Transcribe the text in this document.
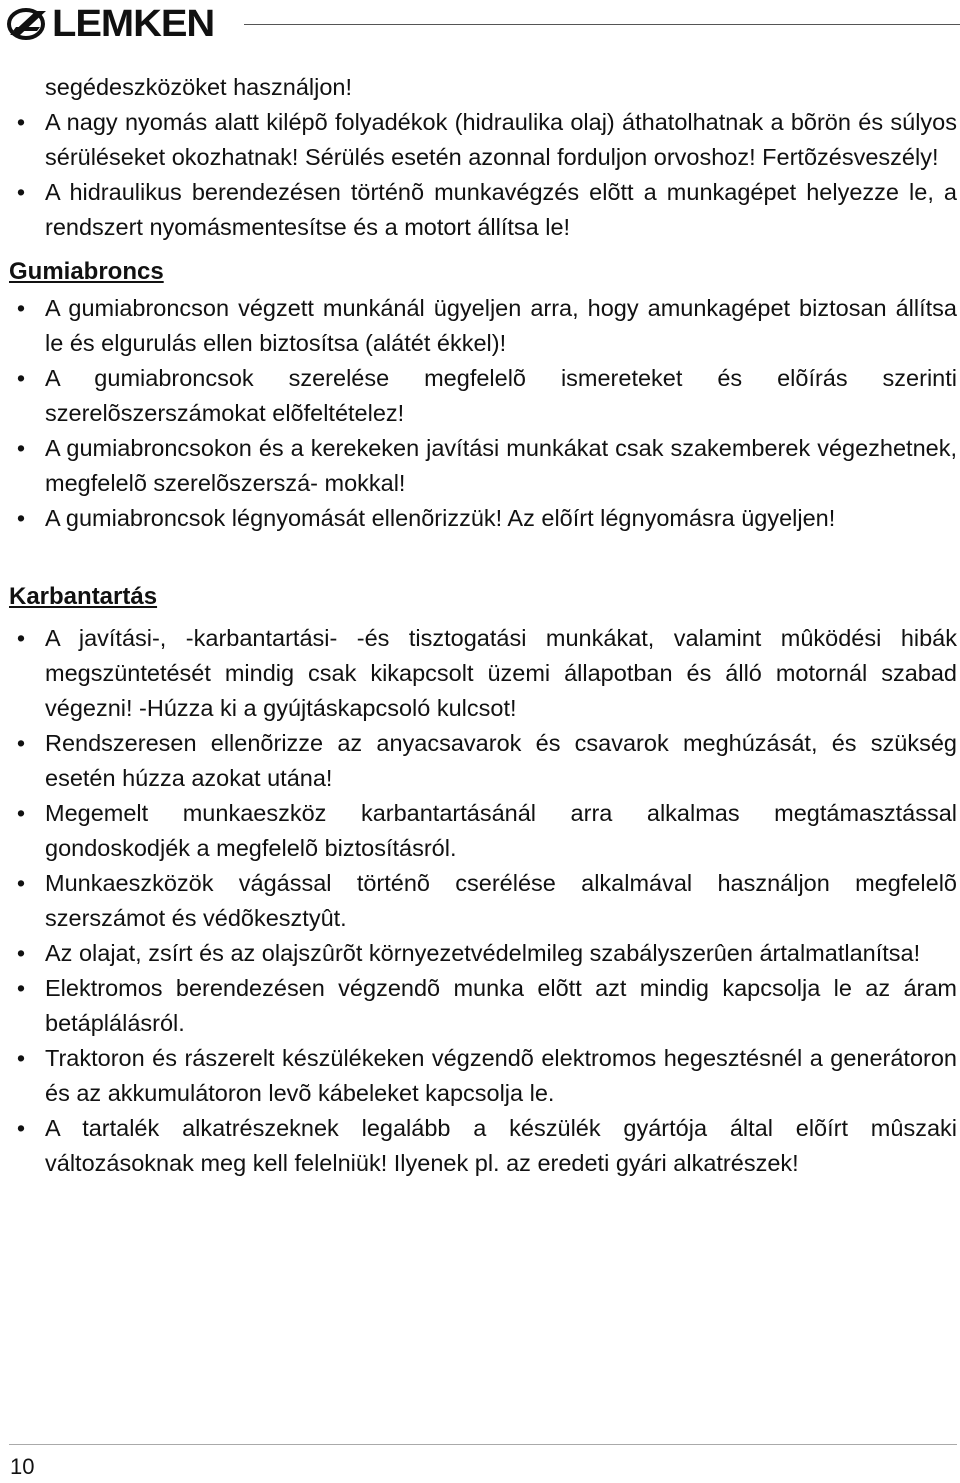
LEMKEN

segédeszközöket használjon!

• A nagy nyomás alatt kilépõ folyadékok (hidraulika olaj) áthatolhatnak a bõrön és súlyos sérüléseket okozhatnak! Sérülés esetén azonnal forduljon orvoshoz! Fertõzésveszély!
• A hidraulikus berendezésen történõ munkavégzés elõtt a munkagépet helyezze le, a rendszert nyomásmentesítse és a motort állítsa le!
Gumiabroncs
• A gumiabroncson végzett munkánál ügyeljen arra, hogy amunkagépet biztosan állítsa le és elgurulás ellen biztosítsa (alátét ékkel)!
• A gumiabroncsok szerelése megfelelõ ismereteket és elõírás szerinti szerelõszerszámokat elõfeltételez!
• A gumiabroncsokon és a kerekeken javítási munkákat csak szakemberek végezhetnek, megfelelõ szerelõszerszá- mokkal!
• A gumiabroncsok légnyomását ellenõrizzük! Az elõírt légnyomásra ügyeljen!
Karbantartás
• A javítási-, -karbantartási- -és tisztogatási munkákat, valamint mûködési hibák megszüntetését mindig csak kikapcsolt üzemi állapotban és álló motornál szabad végezni! -Húzza ki a gyújtáskapcsoló kulcsot!
• Rendszeresen ellenõrizze az anyacsavarok és csavarok meghúzását, és szükség esetén húzza azokat utána!
• Megemelt munkaeszköz karbantartásánál arra alkalmas megtámasztással gondoskodjék a megfelelõ biztosításról.
• Munkaeszközök vágással történõ cserélése alkalmával használjon megfelelõ szerszámot és védõkesztyût.
• Az olajat, zsírt és az olajszûrõt környezetvédelmileg szabályszerûen ártalmatlanítsa!
• Elektromos berendezésen végzendõ munka elõtt azt mindig kapcsolja le az áram betáplálásról.
• Traktoron és rászerelt készülékeken végzendõ elektromos hegesztésnél a generátoron és az akkumulátoron levõ kábeleket kapcsolja le.
• A tartalék alkatrészeknek legalább a készülék gyártója által elõírt mûszaki változásoknak meg kell felelniük! Ilyenek pl. az eredeti gyári alkatrészek!
10
